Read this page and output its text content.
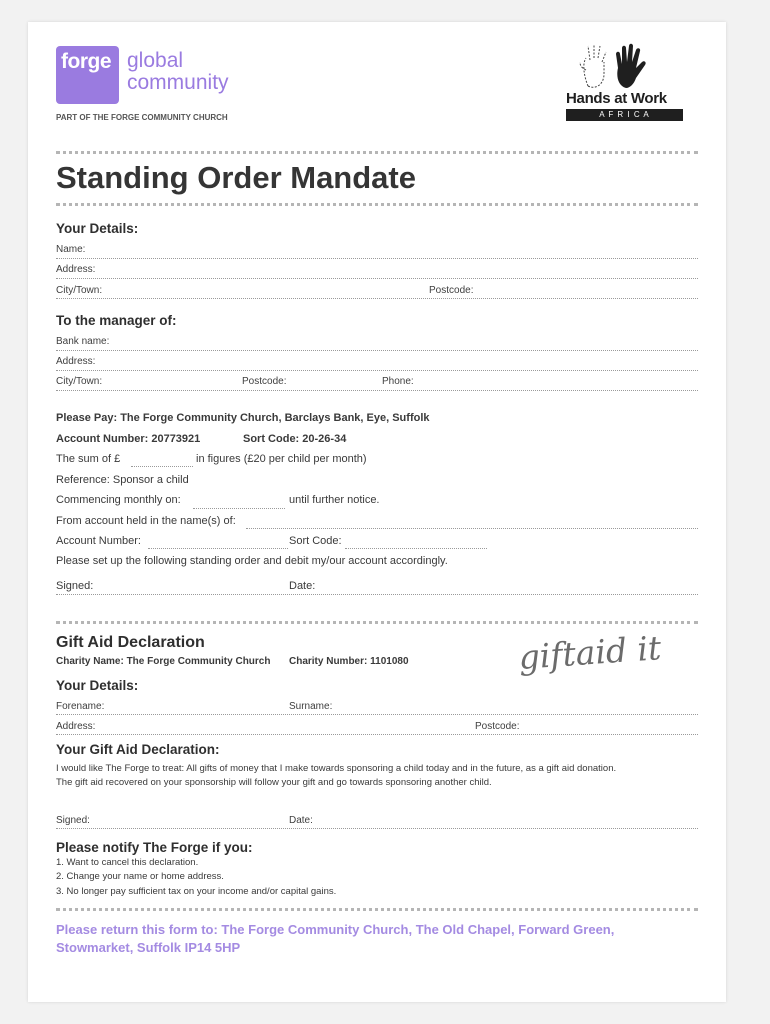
forge global
community
PART OF THE FORGE COMMUNITY CHURCH
Hands at Work
A F R I C A
Standing Order Mandate
Your Details:
Name:
Address:
City/Town:	Postcode:
To the manager of:
Bank name:
Address:
City/Town:	Postcode:	Phone:
Please Pay: The Forge Community Church, Barclays Bank, Eye, Suffolk
Account Number: 20773921	Sort Code: 20-26-34
The sum of £	in figures (£20 per child per month)
Reference: Sponsor a child
Commencing monthly on:	until further notice.
From account held in the name(s) of:
Account Number:	Sort Code:
Please set up the following standing order and debit my/our account accordingly.
Signed:	Date:
Gift Aid Declaration
Charity Name: The Forge Community Church Charity Number: 1101080	giftaid it
Your Details:
Forename:	Surname:
Address:	Postcode:
Your Gift Aid Declaration:
I would like The Forge to treat: All gifts of money that I make towards sponsoring a child today and in the future, as a gift aid donation.
The gift aid recovered on your sponsorship will follow your gift and go towards sponsoring another child.
Signed:	Date:
Please notify The Forge if you:
1. Want to cancel this declaration.
2. Change your name or home address.
3. No longer pay sufficient tax on your income and/or capital gains.
Please return this form to: The Forge Community Church, The Old Chapel, Forward Green,
Stowmarket, Suffolk IP14 5HP
